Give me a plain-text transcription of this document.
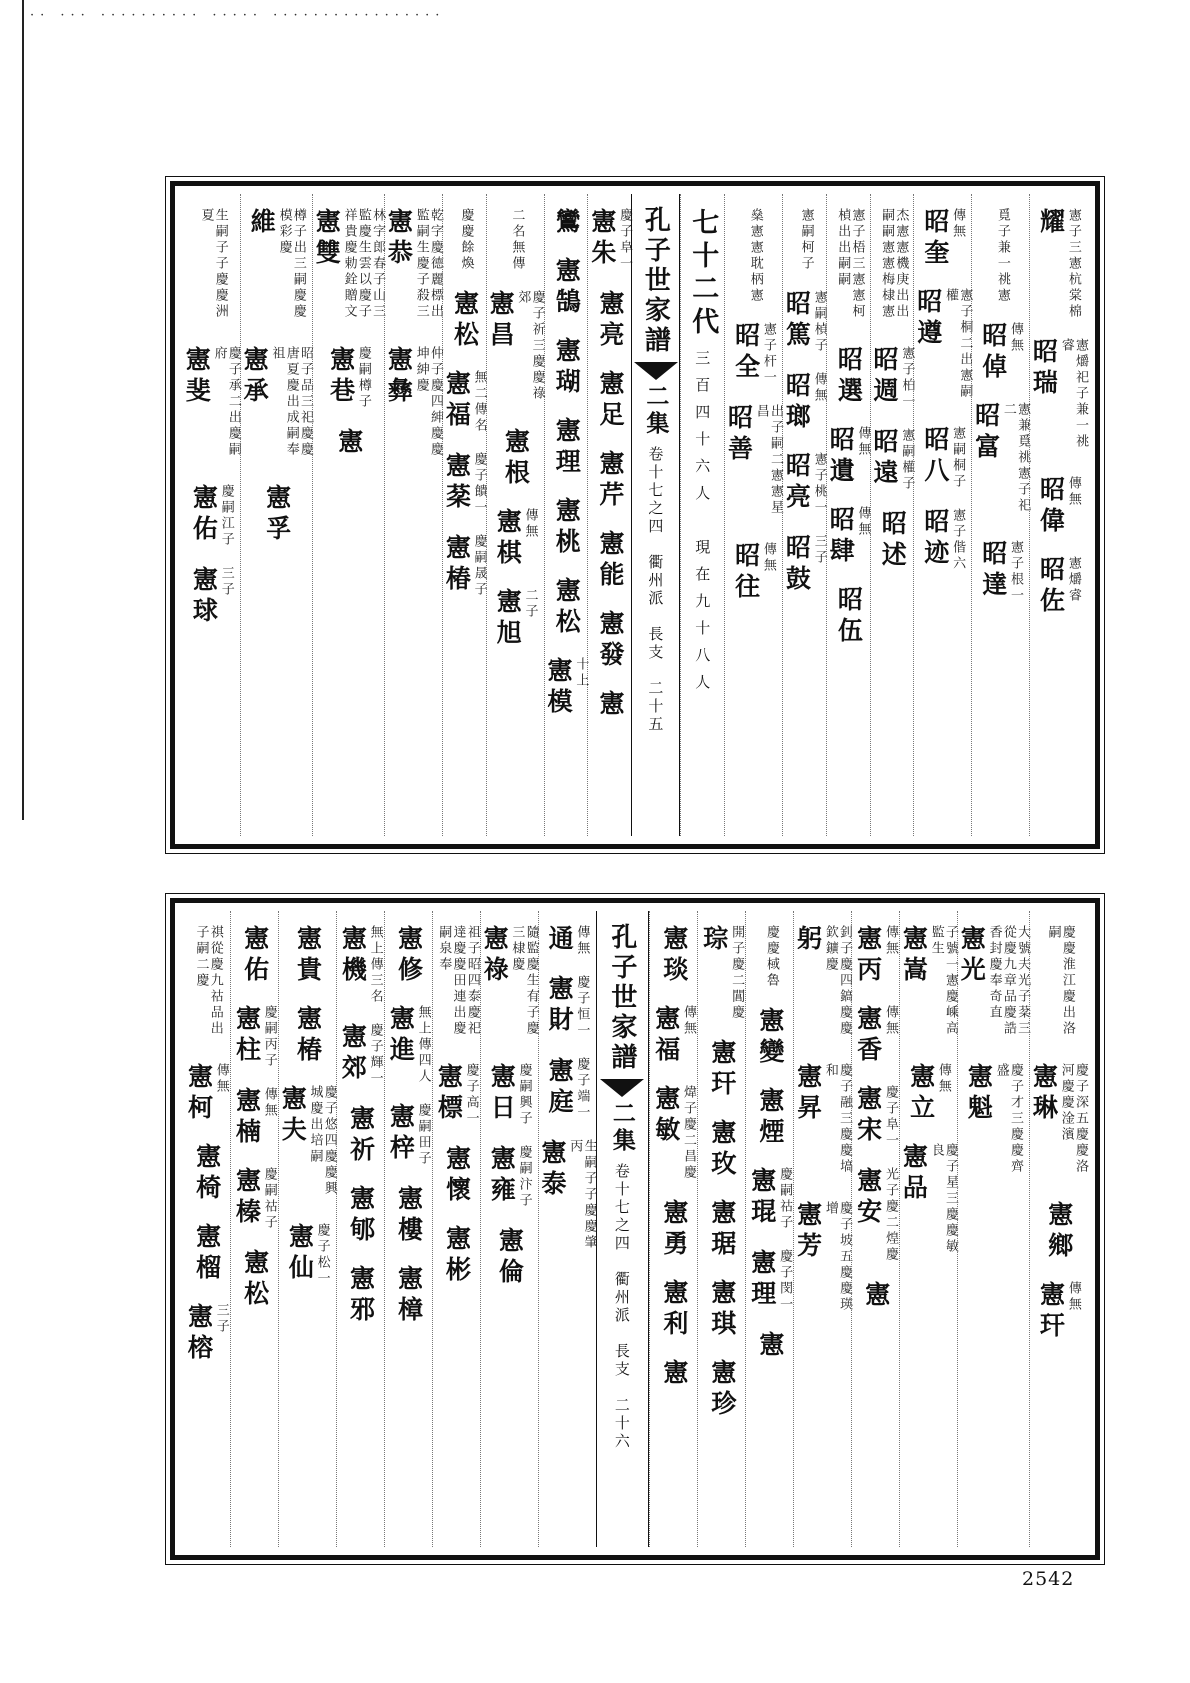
·· ··· ·········· ····· ·················
耀 憲子三憲杭棠棉
昭瑞	憲爝祀子兼一祧睿
昭偉 傳無
昭佐 憲爝睿
覓子兼一祧憲
昭倬 傳無
昭富	憲兼覓祧憲子祀二
昭達 憲子根一
昭奎 傳無
昭遵	憲子桐二出憲嗣權
昭八 憲嗣桐子
昭迹 憲子偕六
杰憲憲機庚出出嗣嗣憲憲梅棣憲
昭週 憲子柏一
昭遠 憲嗣權子
昭述
憲子梧三憲憲柯楨出出嗣嗣
昭選
昭遺 傳無
昭肆 傳無
昭伍
憲嗣柯子
昭篤 憲嗣楨子
昭瑯 傳無
昭亮 憲子桃一
昭鼓 三子
燊憲憲耽柄憲
昭全 憲子杆一
昭善	出子嗣二憲憲星昌
昭往 傳無
七十二代
三百四十六人　現在九十八人
孔子世家譜
二集
卷十七之四　衢州派　長支　二十五
憲朱 慶子阜一
憲亮
憲足
憲芹
憲能
憲發
憲
鸞
憲鵠
憲瑚
憲理
憲桃
憲松
憲模 十上
二名無傳
憲昌	慶子祈三慶慶祿郊
憲根
憲棋 傳無
憲旭 二子
慶慶餘煥
憲松
憲福 無二傳名
憲棻 慶子饋一
憲椿 慶嗣晟子
憲恭	乾字慶德麗標出監嗣生慶子殺三
憲彝	仲子慶四紳慶慶坤紳慶
憲雙	林字郎春子山三監慶生雲以慶子祥貴慶勅銓贈文
憲巷 慶嗣樽子
憲
維	樽子出三嗣慶慶模彩慶
憲承	昭子品三祀慶慶唐夏慶出成嗣奉祖
憲孚
生嗣子子慶慶洲夏
憲斐	慶子承二出慶嗣府
憲佑 慶嗣江子
憲球 三子
慶慶淮江慶出洛嗣
憲琳	慶子深五慶慶洛河慶慶淦濱
憲鄉
憲玕 傳無
憲光	大號夫光子棻三從慶九章品慶誥香封慶奉奇直
憲魁	慶子才三慶慶齊盛
憲嵩	子號一憲慶嵊高監生
憲立 傳無
憲品	慶子星三慶慶敏良
憲丙 傳無
憲香 傳無
憲宋 慶子阜一
憲安 光子慶二煌慶
憲
躬	釗子慶四鎬慶慶欽鑛慶
憲昇	慶子融三慶慶塙和
憲芳	慶子坡五慶慶瑛增
慶慶棫魯
憲變
憲煙
憲琨 慶嗣祜子
憲理 慶子閔一
憲
琮 開子慶二閶慶
憲玕
憲玫
憲琚
憲琪
憲珍
憲琰
憲福 傳無
憲敏 煒子慶二昌慶
憲勇
憲利
憲
孔子世家譜
二集
卷十七之四　衢州派　長支　二十六
通 傳無
憲財 慶子恒一
憲庭 慶子端一
憲泰	生嗣子子慶慶肇丙
憲祿	隨監慶生有子慶三棣慶
憲日 慶嗣興子
憲雍 慶嗣汴子
憲倫
祖子昭四泰慶祀達慶慶田連出慶嗣泉奉
憲標 慶子高一
憲懷
憲彬
憲修
憲進 無上傳四人
憲梓 慶嗣田子
憲樓
憲樟
憲機 無上傳三名
憲郊 慶子輝一
憲祈
憲郇
憲邪
憲貴
憲椿
憲夫	慶子悠四慶慶興城慶出培嗣
憲仙 慶子松一
憲佑
憲柱 慶嗣丙子
憲楠 傳無
憲榛 慶嗣祜子
憲松
祺從慶九祜品出子嗣二慶
憲柯 傳無
憲椅
憲榴
憲榕 三子
2542
